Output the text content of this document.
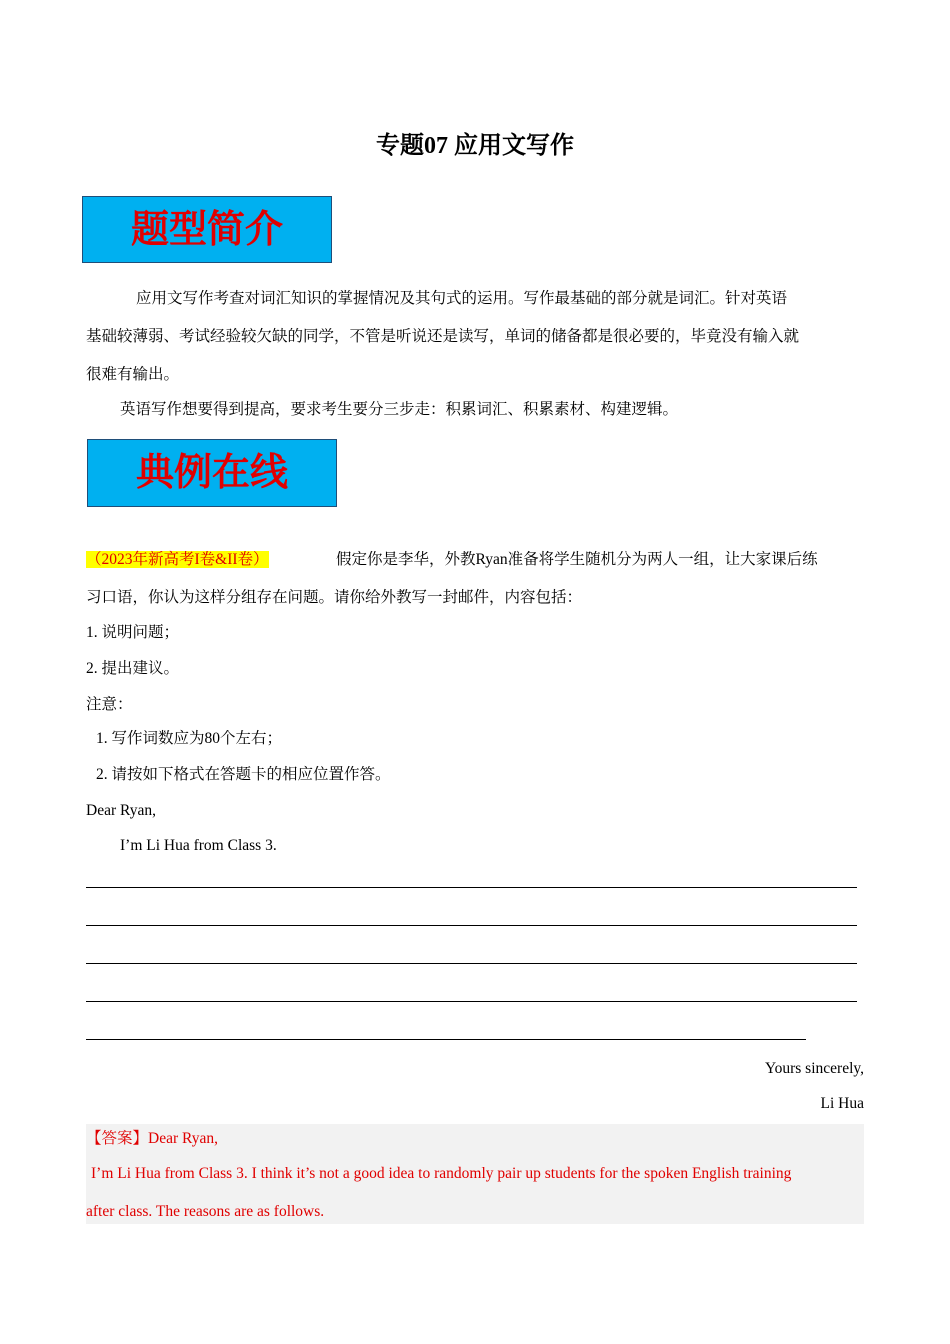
专题07 应用文写作
题型简介
应用文写作考查对词汇知识的掌握情况及其句式的运用。写作最基础的部分就是词汇。针对英语
基础较薄弱、考试经验较欠缺的同学，不管是听说还是读写，单词的储备都是很必要的，毕竟没有输入就
很难有输出。
英语写作想要得到提高，要求考生要分三步走：积累词汇、积累素材、构建逻辑。
典例在线
（2023年新高考I卷&II卷）	假定你是李华，外教Ryan准备将学生随机分为两人一组，让大家课后练
习口语，你认为这样分组存在问题。请你给外教写一封邮件，内容包括：
1. 说明问题；
2. 提出建议。
注意：
1. 写作词数应为80个左右；
2. 请按如下格式在答题卡的相应位置作答。
Dear Ryan,
I’m Li Hua from Class 3.
Yours sincerely,
Li Hua
【答案】Dear Ryan,
I’m Li Hua from Class 3. I think it’s not a good idea to randomly pair up students for the spoken English training
after class. The reasons are as follows.
